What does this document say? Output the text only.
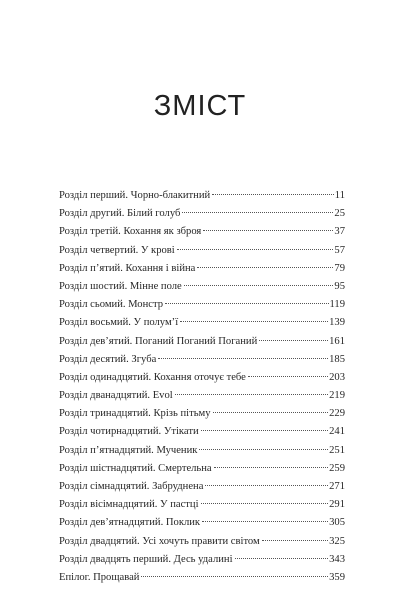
ЗМІСТ
Розділ перший. Чорно-блакитний	11
Розділ другий. Білий голуб	25
Розділ третій. Кохання як зброя	37
Розділ четвертий. У крові	57
Розділ п’ятий. Кохання і війна	79
Розділ шостий. Мінне поле	95
Розділ сьомий. Монстр	119
Розділ восьмий. У полум’ї	139
Розділ дев’ятий. Поганий Поганий Поганий	161
Розділ десятий. Згуба	185
Розділ одинадцятий. Кохання оточує тебе	203
Розділ дванадцятий. Evol	219
Розділ тринадцятий. Крізь пітьму	229
Розділ чотирнадцятий. Утікати	241
Розділ п’ятнадцятий. Мученик	251
Розділ шістнадцятий. Смертельна	259
Розділ сімнадцятий. Забруднена	271
Розділ вісімнадцятий. У пастці	291
Розділ дев’ятнадцятий. Поклик	305
Розділ двадцятий. Усі хочуть правити світом	325
Розділ двадцять перший. Десь удалині	343
Епілог. Прощавай	359
